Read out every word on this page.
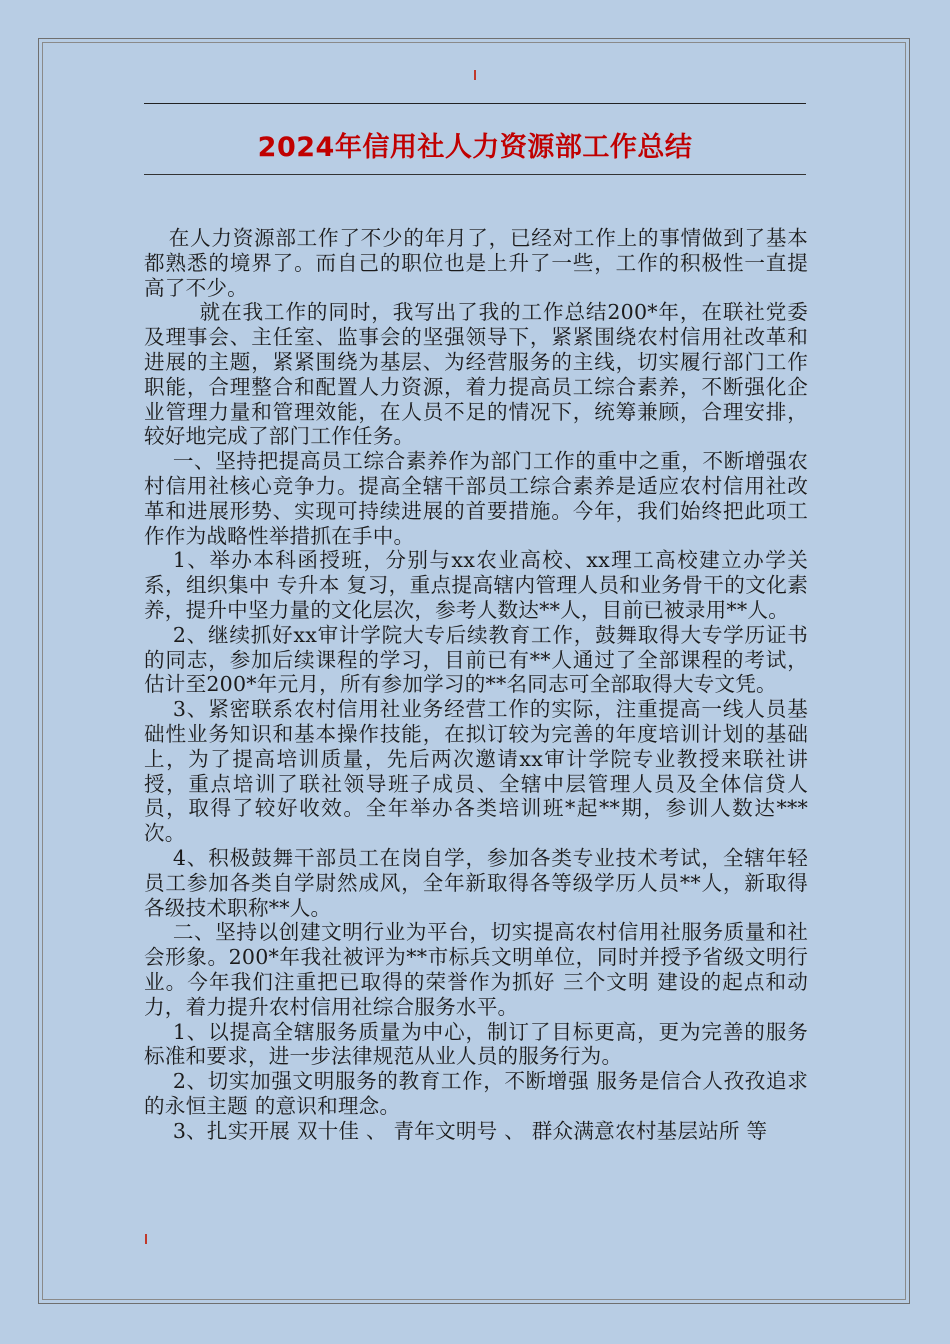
2024年信用社人力资源部工作总结

在人力资源部工作了不少的年月了，已经对工作上的事情做到了基本都熟悉的境界了。而自己的职位也是上升了一些，工作的积极性一直提高了不少。

就在我工作的同时，我写出了我的工作总结200*年，在联社党委及理事会、主任室、监事会的坚强领导下，紧紧围绕农村信用社改革和进展的主题，紧紧围绕为基层、为经营服务的主线，切实履行部门工作职能，合理整合和配置人力资源，着力提高员工综合素养，不断强化企业管理力量和管理效能，在人员不足的情况下，统筹兼顾，合理安排，较好地完成了部门工作任务。

一、坚持把提高员工综合素养作为部门工作的重中之重，不断增强农村信用社核心竞争力。提高全辖干部员工综合素养是适应农村信用社改革和进展形势、实现可持续进展的首要措施。今年，我们始终把此项工作作为战略性举措抓在手中。

1、举办本科函授班，分别与xx农业高校、xx理工高校建立办学关系，组织集中 专升本 复习，重点提高辖内管理人员和业务骨干的文化素养，提升中坚力量的文化层次，参考人数达**人，目前已被录用**人。

2、继续抓好xx审计学院大专后续教育工作，鼓舞取得大专学历证书的同志，参加后续课程的学习，目前已有**人通过了全部课程的考试，估计至200*年元月，所有参加学习的**名同志可全部取得大专文凭。

3、紧密联系农村信用社业务经营工作的实际，注重提高一线人员基础性业务知识和基本操作技能，在拟订较为完善的年度培训计划的基础上，为了提高培训质量，先后两次邀请xx审计学院专业教授来联社讲授，重点培训了联社领导班子成员、全辖中层管理人员及全体信贷人员，取得了较好收效。全年举办各类培训班*起**期，参训人数达***次。

4、积极鼓舞干部员工在岗自学，参加各类专业技术考试，全辖年轻员工参加各类自学尉然成风，全年新取得各等级学历人员**人，新取得各级技术职称**人。

二、坚持以创建文明行业为平台，切实提高农村信用社服务质量和社会形象。200*年我社被评为**市标兵文明单位，同时并授予省级文明行业。今年我们注重把已取得的荣誉作为抓好 三个文明 建设的起点和动力，着力提升农村信用社综合服务水平。

1、以提高全辖服务质量为中心，制订了目标更高，更为完善的服务标准和要求，进一步法律规范从业人员的服务行为。

2、切实加强文明服务的教育工作，不断增强 服务是信合人孜孜追求的永恒主题 的意识和理念。

3、扎实开展 双十佳 、 青年文明号 、 群众满意农村基层站所 等
